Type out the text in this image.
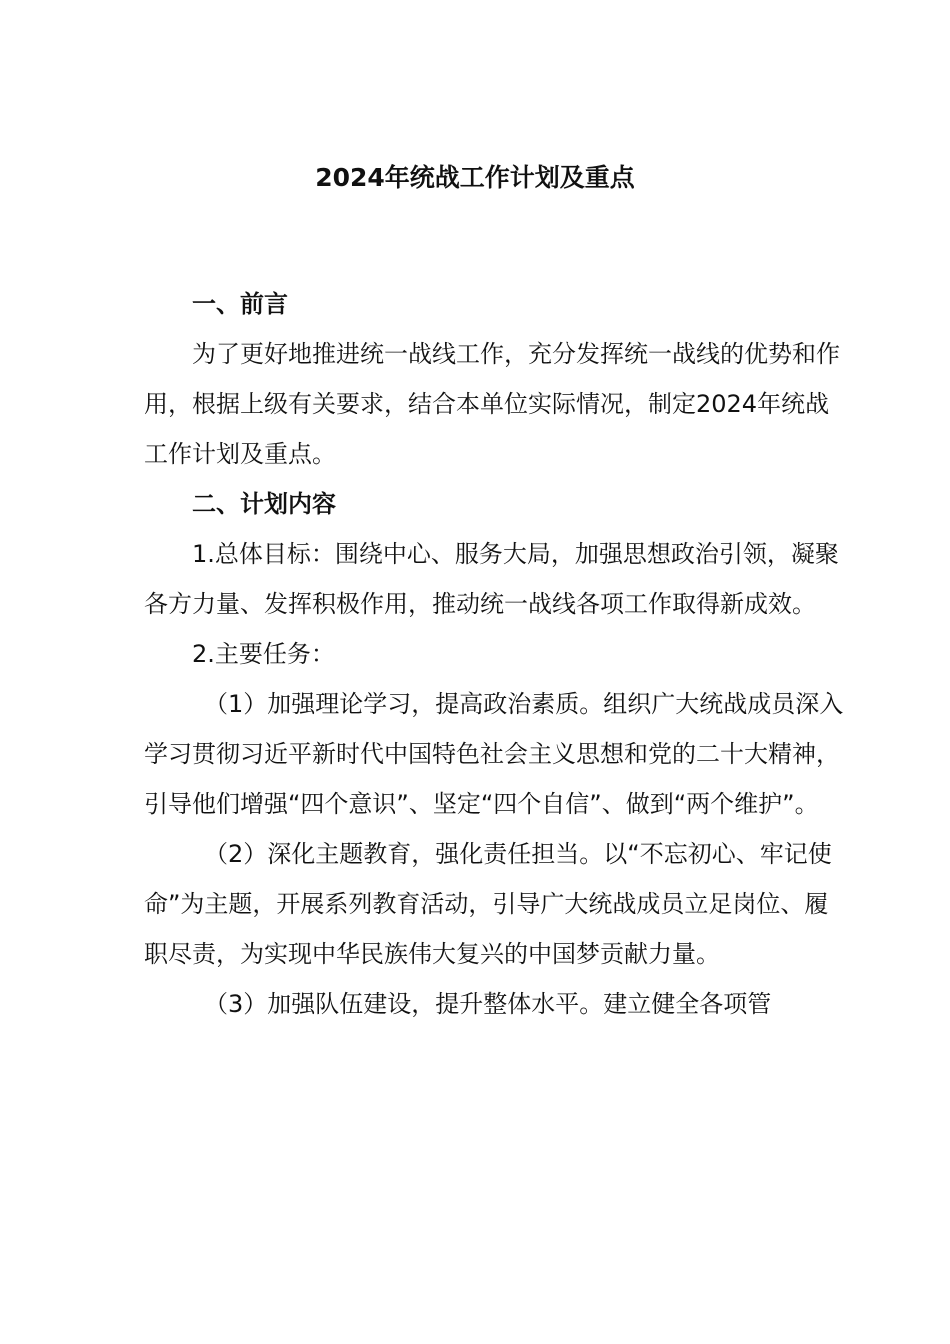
2024年统战工作计划及重点

一、前言

为了更好地推进统一战线工作，充分发挥统一战线的优势和作用，根据上级有关要求，结合本单位实际情况，制定2024年统战工作计划及重点。

二、计划内容

1.总体目标：围绕中心、服务大局，加强思想政治引领，凝聚各方力量、发挥积极作用，推动统一战线各项工作取得新成效。

2.主要任务：

（1）加强理论学习，提高政治素质。组织广大统战成员深入学习贯彻习近平新时代中国特色社会主义思想和党的二十大精神，引导他们增强“四个意识”、坚定“四个自信”、做到“两个维护”。

（2）深化主题教育，强化责任担当。以“不忘初心、牢记使命”为主题，开展系列教育活动，引导广大统战成员立足岗位、履职尽责，为实现中华民族伟大复兴的中国梦贡献力量。

（3）加强队伍建设，提升整体水平。建立健全各项管
